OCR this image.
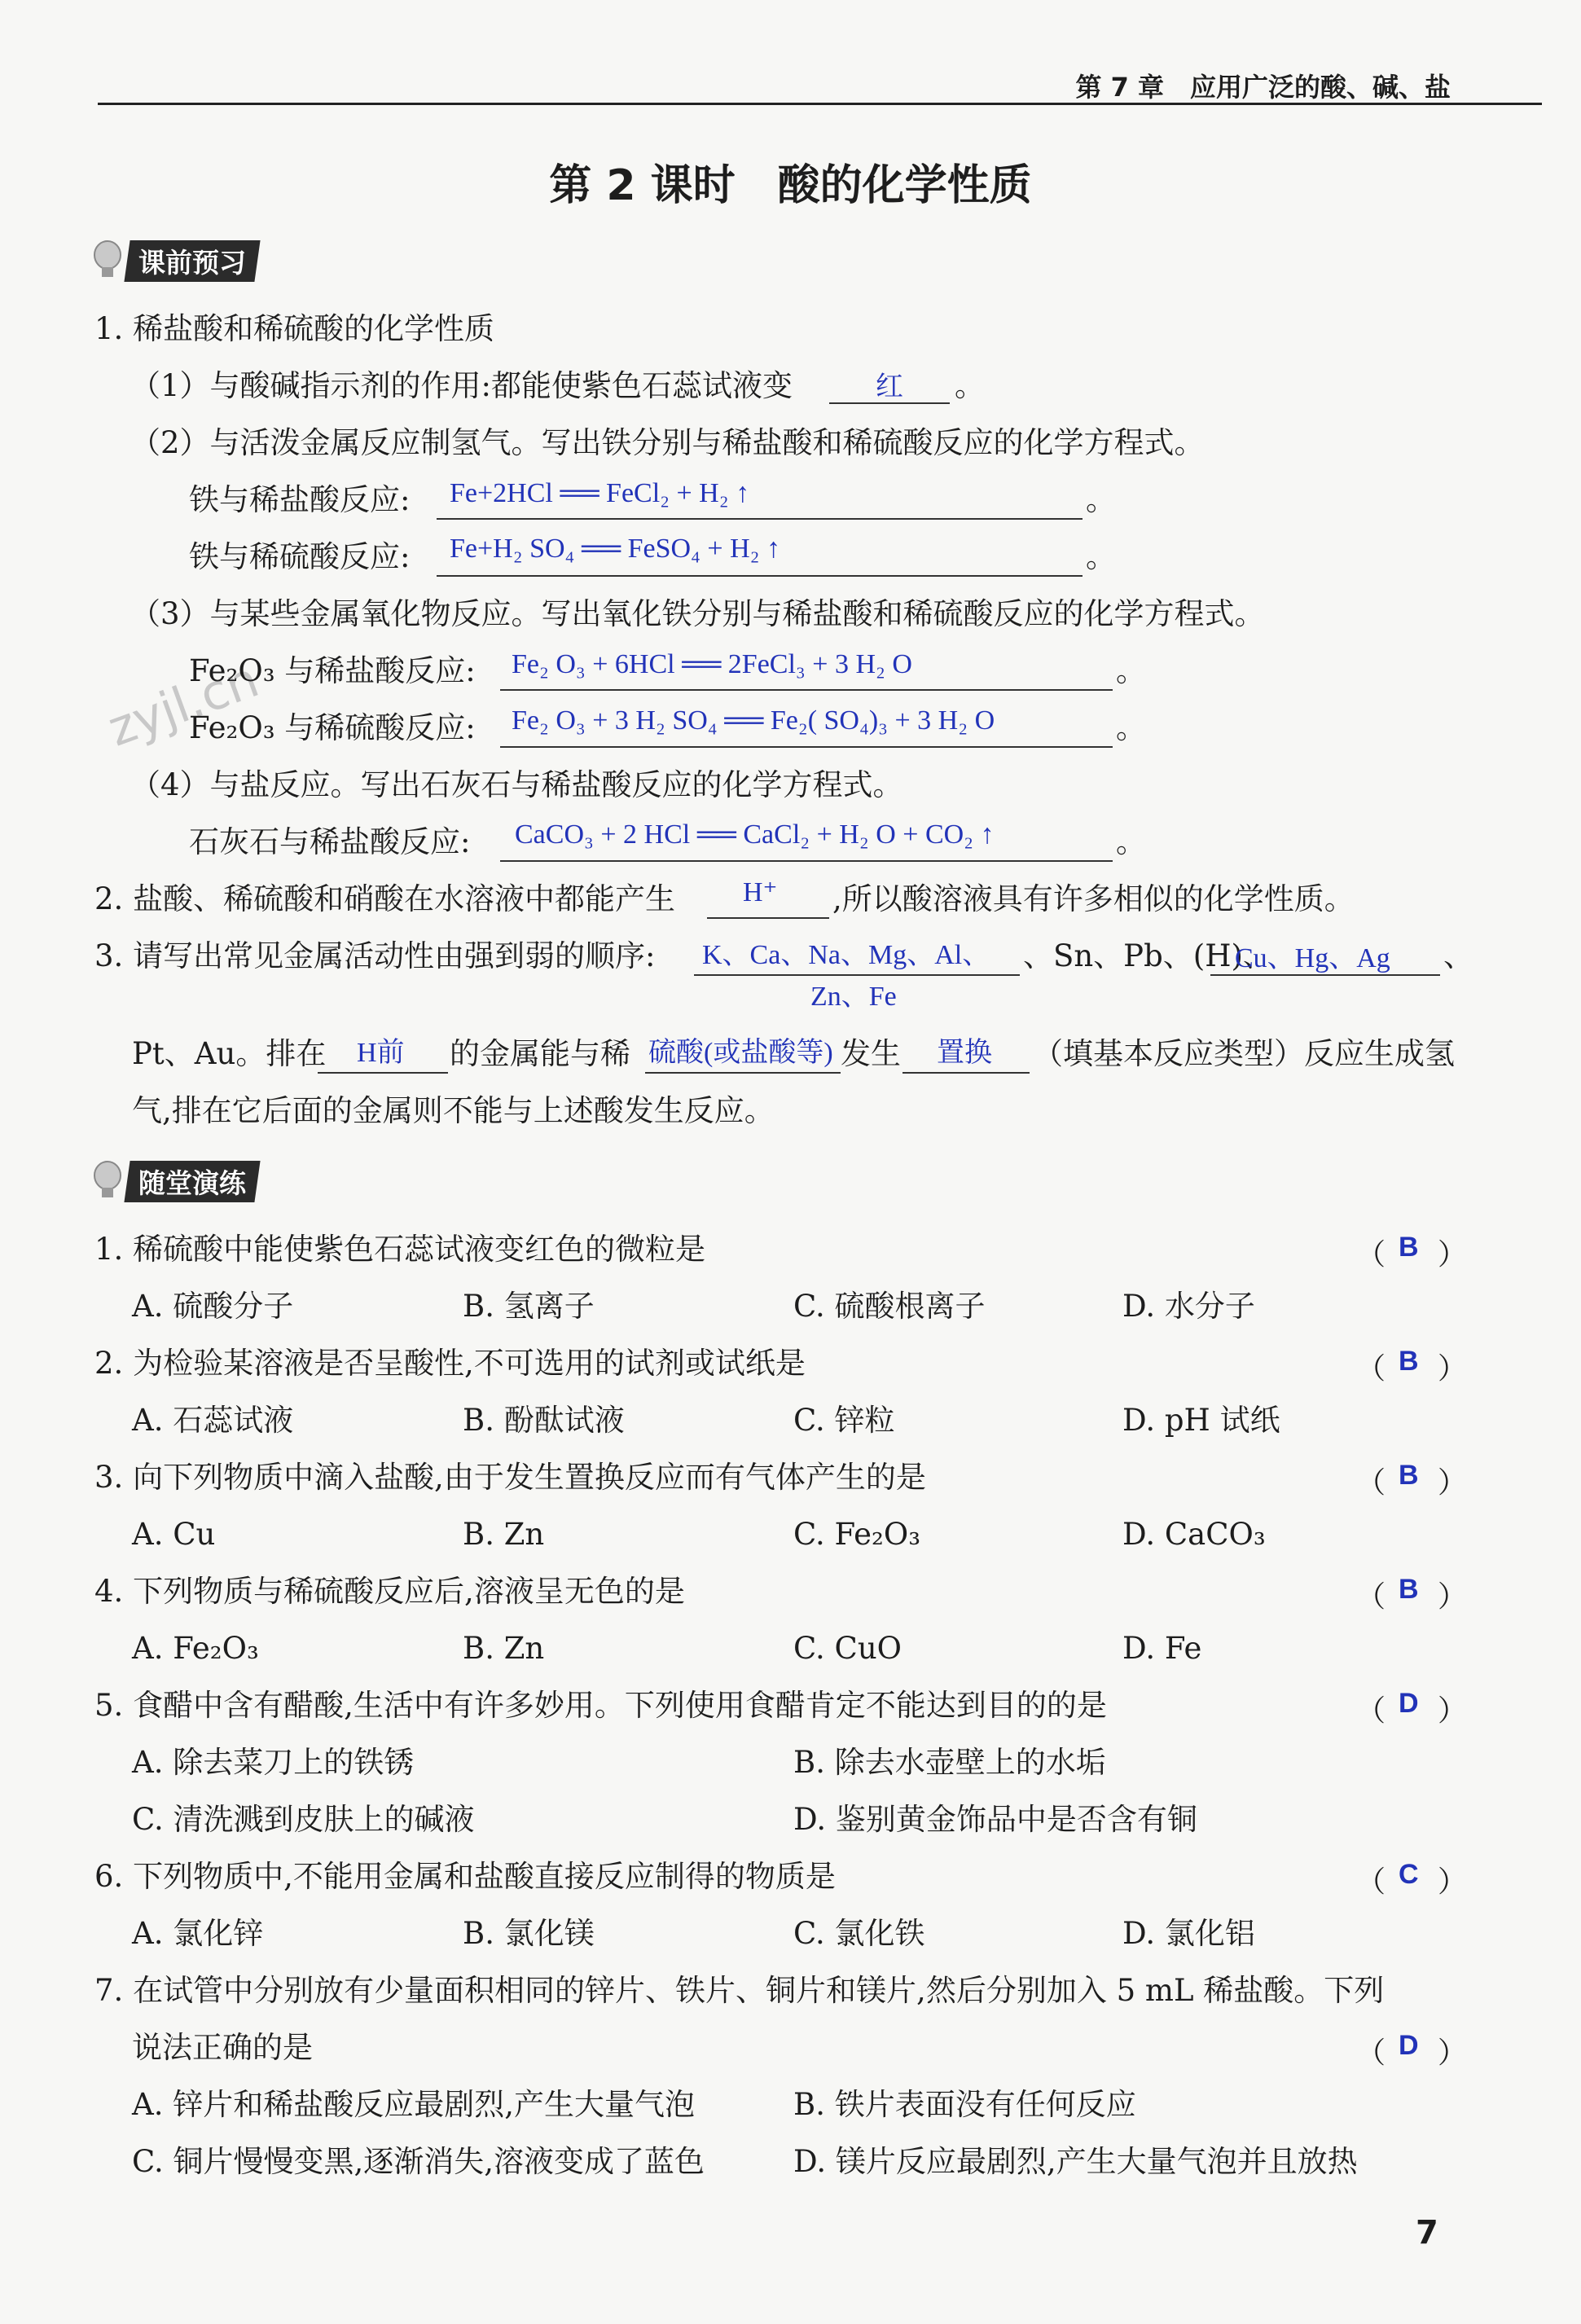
第 7 章　应用广泛的酸、碱、盐
第 2 课时　酸的化学性质
zyjl.cn
课前预习
1. 稀盐酸和稀硫酸的化学性质
（1）与酸碱指示剂的作用:都能使紫色石蕊试液变	红 。
（2）与活泼金属反应制氢气。写出铁分别与稀盐酸和稀硫酸反应的化学方程式。
铁与稀盐酸反应: Fe+2HCl ══ FeCl₂ + H₂ ↑	。
铁与稀硫酸反应: Fe+H₂ SO₄ ══ FeSO₄ + H₂ ↑	。
（3）与某些金属氧化物反应。写出氧化铁分别与稀盐酸和稀硫酸反应的化学方程式。
Fe₂O₃ 与稀盐酸反应: Fe₂ O₃ + 6HCl ══ 2FeCl₃ + 3 H₂ O	。
Fe₂O₃ 与稀硫酸反应: Fe₂ O₃ + 3 H₂ SO₄ ══ Fe₂( SO₄)₃ + 3 H₂ O	。
（4）与盐反应。写出石灰石与稀盐酸反应的化学方程式。
石灰石与稀盐酸反应: CaCO₃ + 2 HCl ══ CaCl₂ + H₂ O + CO₂ ↑	。
2. 盐酸、稀硫酸和硝酸在水溶液中都能产生 H⁺ ,所以酸溶液具有许多相似的化学性质。
3. 请写出常见金属活动性由强到弱的顺序: K、Ca、Na、Mg、Al、
Zn、Fe
、Sn、Pb、(H)、
Cu、Hg、Ag 、
Pt、Au。排在 H前 的金属能与稀 硫酸(或盐酸等) 发生 置换 （填基本反应类型）反应生成氢
气,排在它后面的金属则不能与上述酸发生反应。
随堂演练
1. 稀硫酸中能使紫色石蕊试液变红色的微粒是	（ B ）
A. 硫酸分子	B. 氢离子	C. 硫酸根离子	D. 水分子
2. 为检验某溶液是否呈酸性,不可选用的试剂或试纸是	（ B ）
A. 石蕊试液	B. 酚酞试液	C. 锌粒	D. pH 试纸
3. 向下列物质中滴入盐酸,由于发生置换反应而有气体产生的是	（ B ）
A. Cu	B. Zn	C. Fe₂O₃	D. CaCO₃
4. 下列物质与稀硫酸反应后,溶液呈无色的是	（ B ）
A. Fe₂O₃	B. Zn	C. CuO	D. Fe
5. 食醋中含有醋酸,生活中有许多妙用。下列使用食醋肯定不能达到目的的是	（ D ）
A. 除去菜刀上的铁锈	B. 除去水壶壁上的水垢
C. 清洗溅到皮肤上的碱液	D. 鉴别黄金饰品中是否含有铜
6. 下列物质中,不能用金属和盐酸直接反应制得的物质是	（ C ）
A. 氯化锌	B. 氯化镁	C. 氯化铁	D. 氯化铝
7. 在试管中分别放有少量面积相同的锌片、铁片、铜片和镁片,然后分别加入 5 mL 稀盐酸。下列
说法正确的是	（ D ）
A. 锌片和稀盐酸反应最剧烈,产生大量气泡	B. 铁片表面没有任何反应
C. 铜片慢慢变黑,逐渐消失,溶液变成了蓝色	D. 镁片反应最剧烈,产生大量气泡并且放热
7
